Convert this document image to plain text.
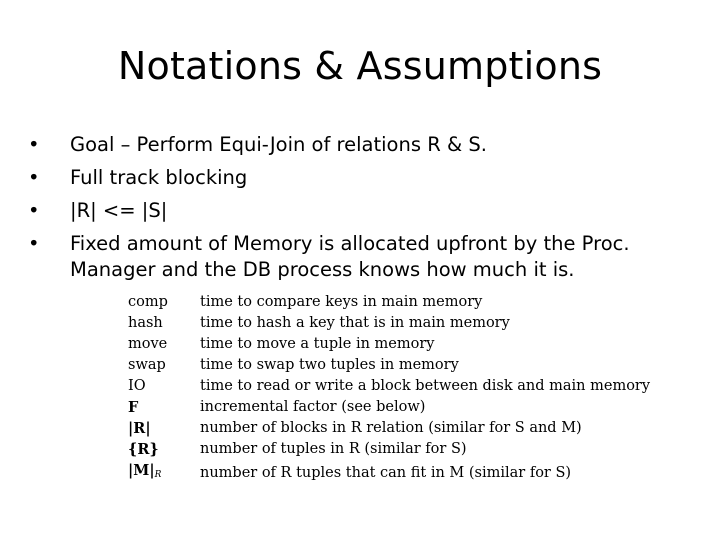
Notations & Assumptions
• Goal – Perform Equi-Join of relations R & S.
• Full track blocking
• |R| <= |S|
• Fixed amount of Memory is allocated upfront by the Proc. Manager and the DB process knows how much it is.
comp	time to compare keys in main memory
hash	time to hash a key that is in main memory
move	time to move a tuple in memory
swap	time to swap two tuples in memory
IO	time to read or write a block between disk and main memory
F	incremental factor (see below)
|R|	number of blocks in R relation (similar for S and M)
{R}	number of tuples in R (similar for S)
$|M|_R$	number of R tuples that can fit in M (similar for S)
